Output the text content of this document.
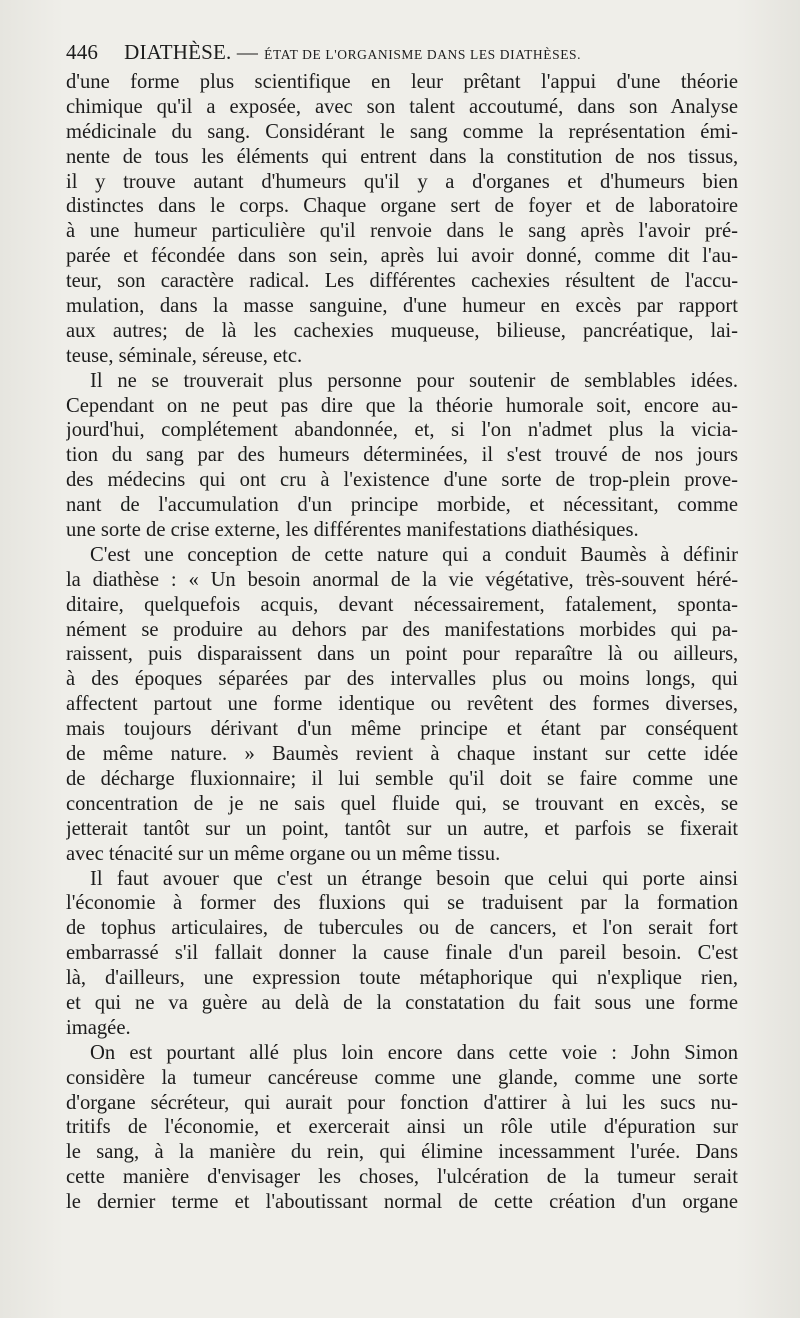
446 DIATHÈSE. — ÉTAT DE L'ORGANISME DANS LES DIATHÈSES.
d'une forme plus scientifique en leur prêtant l'appui d'une théorie
chimique qu'il a exposée, avec son talent accoutumé, dans son Analyse
médicinale du sang. Considérant le sang comme la représentation émi-
nente de tous les éléments qui entrent dans la constitution de nos tissus,
il y trouve autant d'humeurs qu'il y a d'organes et d'humeurs bien
distinctes dans le corps. Chaque organe sert de foyer et de laboratoire
à une humeur particulière qu'il renvoie dans le sang après l'avoir pré-
parée et fécondée dans son sein, après lui avoir donné, comme dit l'au-
teur, son caractère radical. Les différentes cachexies résultent de l'accu-
mulation, dans la masse sanguine, d'une humeur en excès par rapport
aux autres; de là les cachexies muqueuse, bilieuse, pancréatique, lai-
teuse, séminale, séreuse, etc.
Il ne se trouverait plus personne pour soutenir de semblables idées.
Cependant on ne peut pas dire que la théorie humorale soit, encore au-
jourd'hui, complétement abandonnée, et, si l'on n'admet plus la vicia-
tion du sang par des humeurs déterminées, il s'est trouvé de nos jours
des médecins qui ont cru à l'existence d'une sorte de trop-plein prove-
nant de l'accumulation d'un principe morbide, et nécessitant, comme
une sorte de crise externe, les différentes manifestations diathésiques.
C'est une conception de cette nature qui a conduit Baumès à définir
la diathèse : « Un besoin anormal de la vie végétative, très-souvent héré-
ditaire, quelquefois acquis, devant nécessairement, fatalement, sponta-
nément se produire au dehors par des manifestations morbides qui pa-
raissent, puis disparaissent dans un point pour reparaître là ou ailleurs,
à des époques séparées par des intervalles plus ou moins longs, qui
affectent partout une forme identique ou revêtent des formes diverses,
mais toujours dérivant d'un même principe et étant par conséquent
de même nature. » Baumès revient à chaque instant sur cette idée
de décharge fluxionnaire; il lui semble qu'il doit se faire comme une
concentration de je ne sais quel fluide qui, se trouvant en excès, se
jetterait tantôt sur un point, tantôt sur un autre, et parfois se fixerait
avec ténacité sur un même organe ou un même tissu.
Il faut avouer que c'est un étrange besoin que celui qui porte ainsi
l'économie à former des fluxions qui se traduisent par la formation
de tophus articulaires, de tubercules ou de cancers, et l'on serait fort
embarrassé s'il fallait donner la cause finale d'un pareil besoin. C'est
là, d'ailleurs, une expression toute métaphorique qui n'explique rien,
et qui ne va guère au delà de la constatation du fait sous une forme
imagée.
On est pourtant allé plus loin encore dans cette voie : John Simon
considère la tumeur cancéreuse comme une glande, comme une sorte
d'organe sécréteur, qui aurait pour fonction d'attirer à lui les sucs nu-
tritifs de l'économie, et exercerait ainsi un rôle utile d'épuration sur
le sang, à la manière du rein, qui élimine incessamment l'urée. Dans
cette manière d'envisager les choses, l'ulcération de la tumeur serait
le dernier terme et l'aboutissant normal de cette création d'un organe
